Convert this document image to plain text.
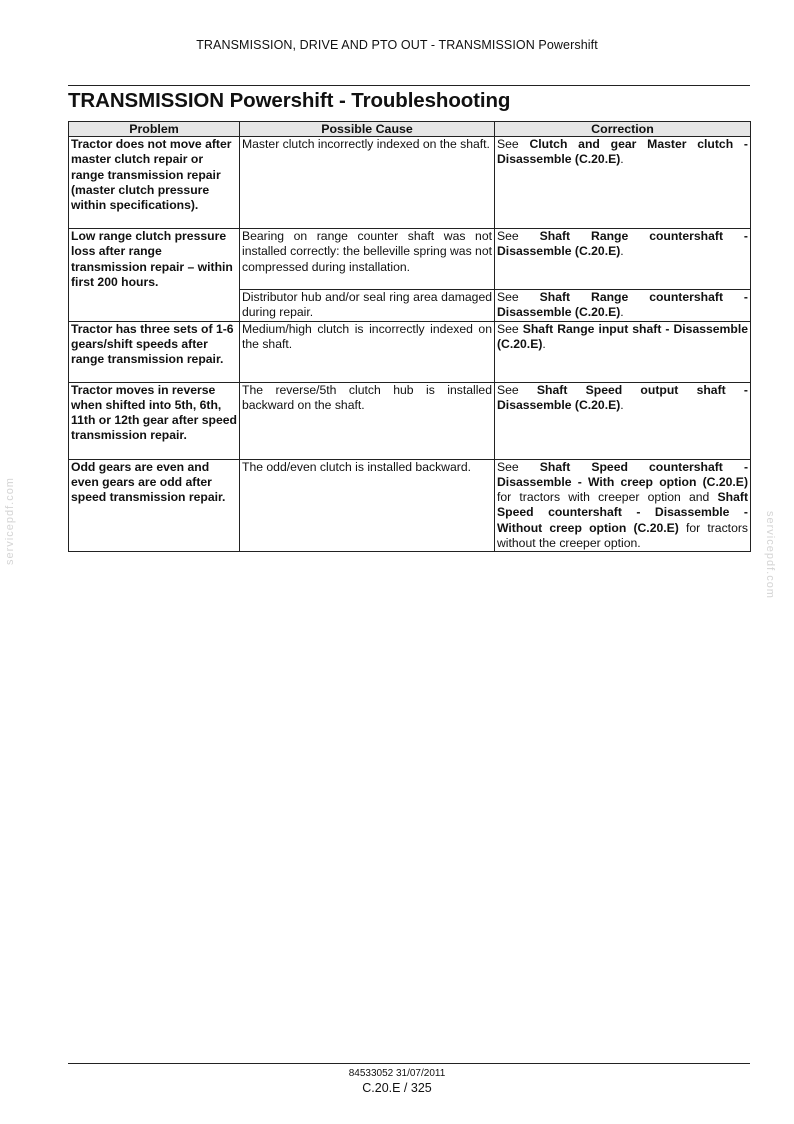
TRANSMISSION, DRIVE AND PTO OUT - TRANSMISSION Powershift
TRANSMISSION Powershift - Troubleshooting
Problem	Possible Cause	Correction
Tractor does not move after master clutch repair or range transmission repair (master clutch pressure within specifications).	Master clutch incorrectly indexed on the shaft.	See Clutch and gear Master clutch - Disassemble (C.20.E).
Low range clutch pressure loss after range transmission repair – within first 200 hours.	Bearing on range counter shaft was not installed correctly: the belleville spring was not compressed during installation.	See Shaft Range countershaft - Disassemble (C.20.E).
	Distributor hub and/or seal ring area damaged during repair.	See Shaft Range countershaft - Disassemble (C.20.E).
Tractor has three sets of 1-6 gears/shift speeds after range transmission repair.	Medium/high clutch is incorrectly indexed on the shaft.	See Shaft Range input shaft - Disassemble (C.20.E).
Tractor moves in reverse when shifted into 5th, 6th, 11th or 12th gear after speed transmission repair.	The reverse/5th clutch hub is installed backward on the shaft.	See Shaft Speed output shaft - Disassemble (C.20.E).
Odd gears are even and even gears are odd after speed transmission repair.	The odd/even clutch is installed backward.	See Shaft Speed countershaft - Disassemble - With creep option (C.20.E) for tractors with creeper option and Shaft Speed countershaft - Disassemble - Without creep option (C.20.E) for tractors without the creeper option.
servicepdf.com	servicepdf.com
84533052 31/07/2011
C.20.E / 325
